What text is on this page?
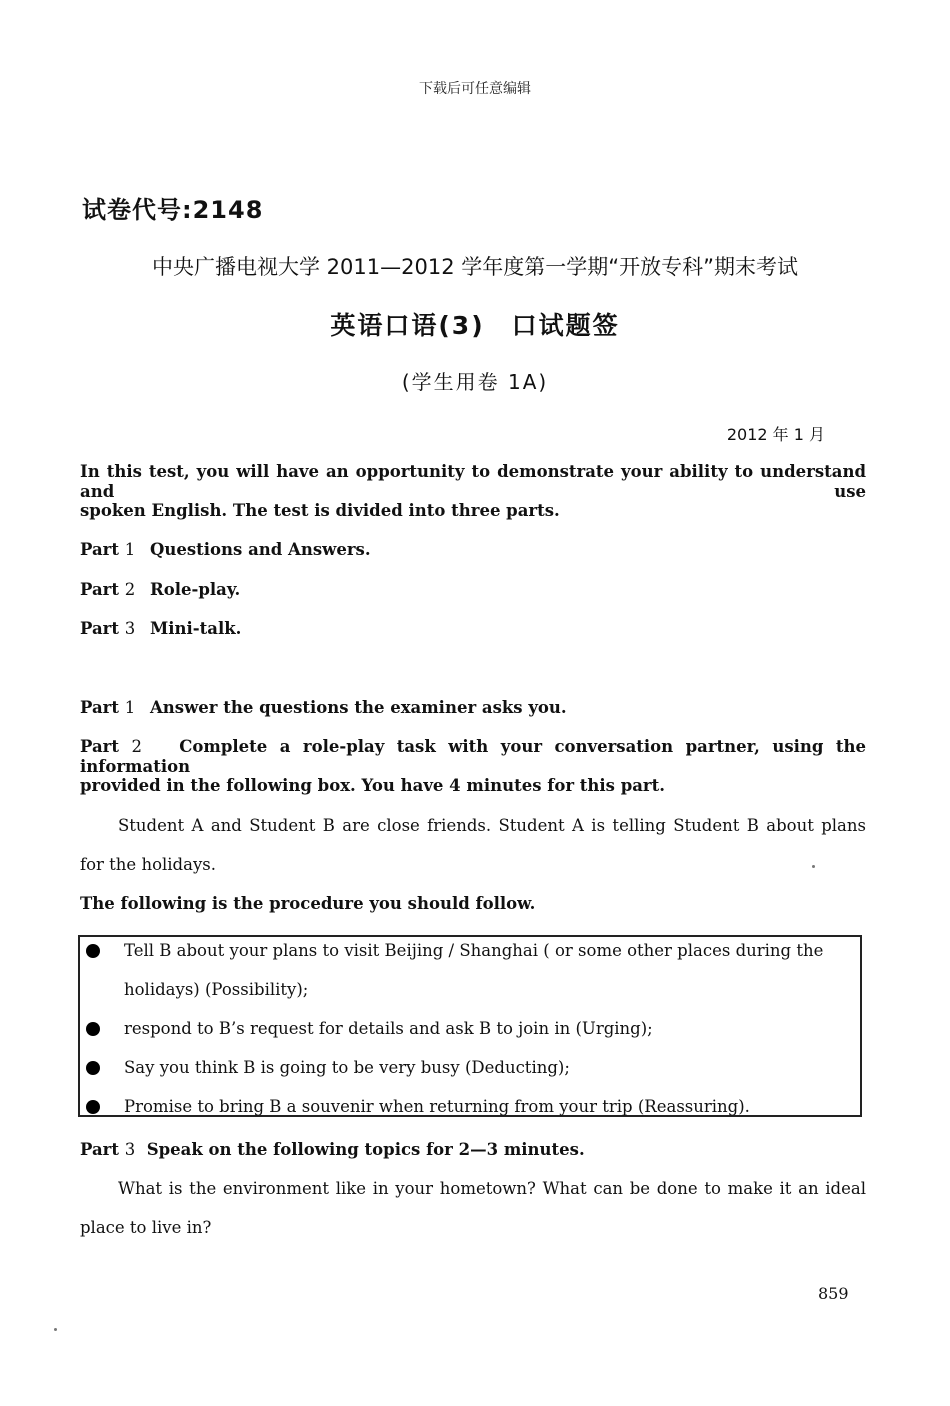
下载后可任意编辑
试卷代号:2148
中央广播电视大学 2011—2012 学年度第一学期“开放专科”期末考试
英语口语(3)　口试题签
(学生用卷 1A)
2012 年 1 月
In this test, you will have an opportunity to demonstrate your ability to understand and use
spoken English. The test is divided into three parts.
Part 1 Questions and Answers.
Part 2 Role-play.
Part 3 Mini-talk.
Part 1 Answer the questions the examiner asks you.
Part 2 Complete a role-play task with your conversation partner, using the information
provided in the following box. You have 4 minutes for this part.
Student A and Student B are close friends. Student A is telling Student B about plans
for the holidays.
The following is the procedure you should follow.
Tell B about your plans to visit Beijing / Shanghai ( or some other places during the
holidays) (Possibility);
respond to B’s request for details and ask B to join in (Urging);
Say you think B is going to be very busy (Deducting);
Promise to bring B a souvenir when returning from your trip (Reassuring).
Part 3 Speak on the following topics for 2—3 minutes.
What is the environment like in your hometown? What can be done to make it an ideal
place to live in?
859
